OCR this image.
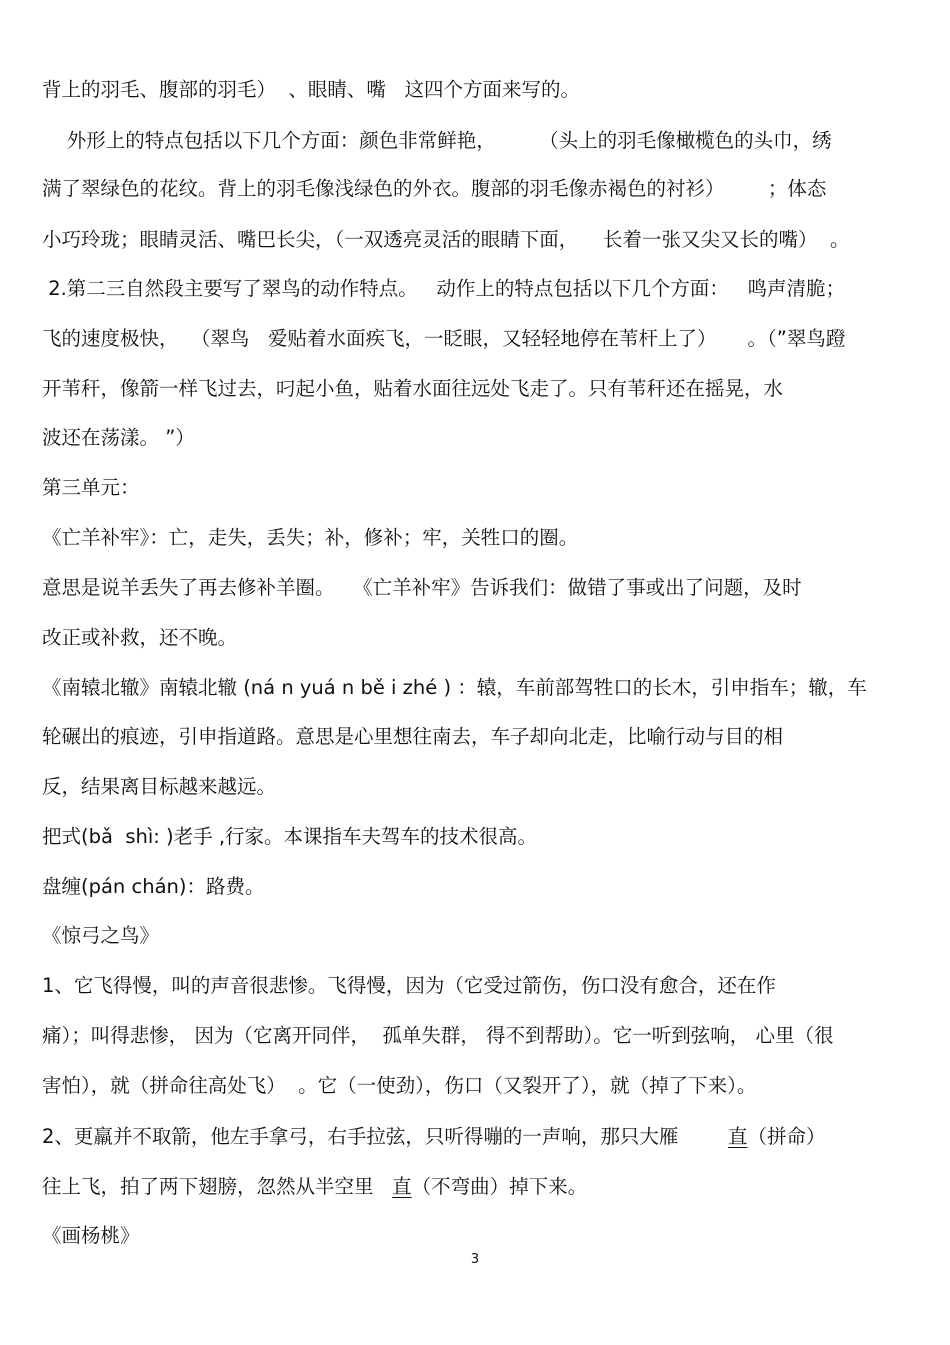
背上的羽毛、腹部的羽毛）  、眼睛、嘴   这四个方面来写的。

外形上的特点包括以下几个方面：颜色非常鲜艳，       （头上的羽毛像橄榄色的头巾，绣

满了翠绿色的花纹。背上的羽毛像浅绿色的外衣。腹部的羽毛像赤褐色的衬衫）       ；体态

小巧玲珑；眼睛灵活、嘴巴长尖，（一双透亮灵活的眼睛下面，    长着一张又尖又长的嘴）  。

2.第二三自然段主要写了翠鸟的动作特点。   动作上的特点包括以下几个方面：   鸣声清脆；

飞的速度极快，  （翠鸟   爱贴着水面疾飞，一眨眼，又轻轻地停在苇杆上了）     。（”翠鸟蹬

开苇秆，像箭一样飞过去，叼起小鱼，贴着水面往远处飞走了。只有苇秆还在摇晃，水

波还在荡漾。 ”）

第三单元：

《亡羊补牢》：亡，走失，丢失；补，修补；牢，关牲口的圈。

意思是说羊丢失了再去修补羊圈。   《亡羊补牢》告诉我们：做错了事或出了问题，及时

改正或补救，还不晚。

《南辕北辙》南辕北辙 (ná n yuá n bě i zhé ) ：辕，车前部驾牲口的长木，引申指车；辙，车

轮碾出的痕迹，引申指道路。意思是心里想往南去，车子却向北走，比喻行动与目的相

反，结果离目标越来越远。

把式(bǎ  shì: )老手 ,行家。本课指车夫驾车的技术很高。

盘缠(pán chán)：路费。

《惊弓之鸟》

1、它飞得慢，叫的声音很悲惨。飞得慢，因为（它受过箭伤，伤口没有愈合，还在作

痛）；叫得悲惨， 因为（它离开同伴，  孤单失群， 得不到帮助）。它一听到弦响， 心里（很

害怕），就（拼命往高处飞）  。它（一使劲），伤口（又裂开了），就（掉了下来）。

2、更羸并不取箭，他左手拿弓，右手拉弦，只听得嘣的一声响，那只大雁        直（拼命）

往上飞，拍了两下翅膀，忽然从半空里   直（不弯曲）掉下来。

《画杨桃》

3
